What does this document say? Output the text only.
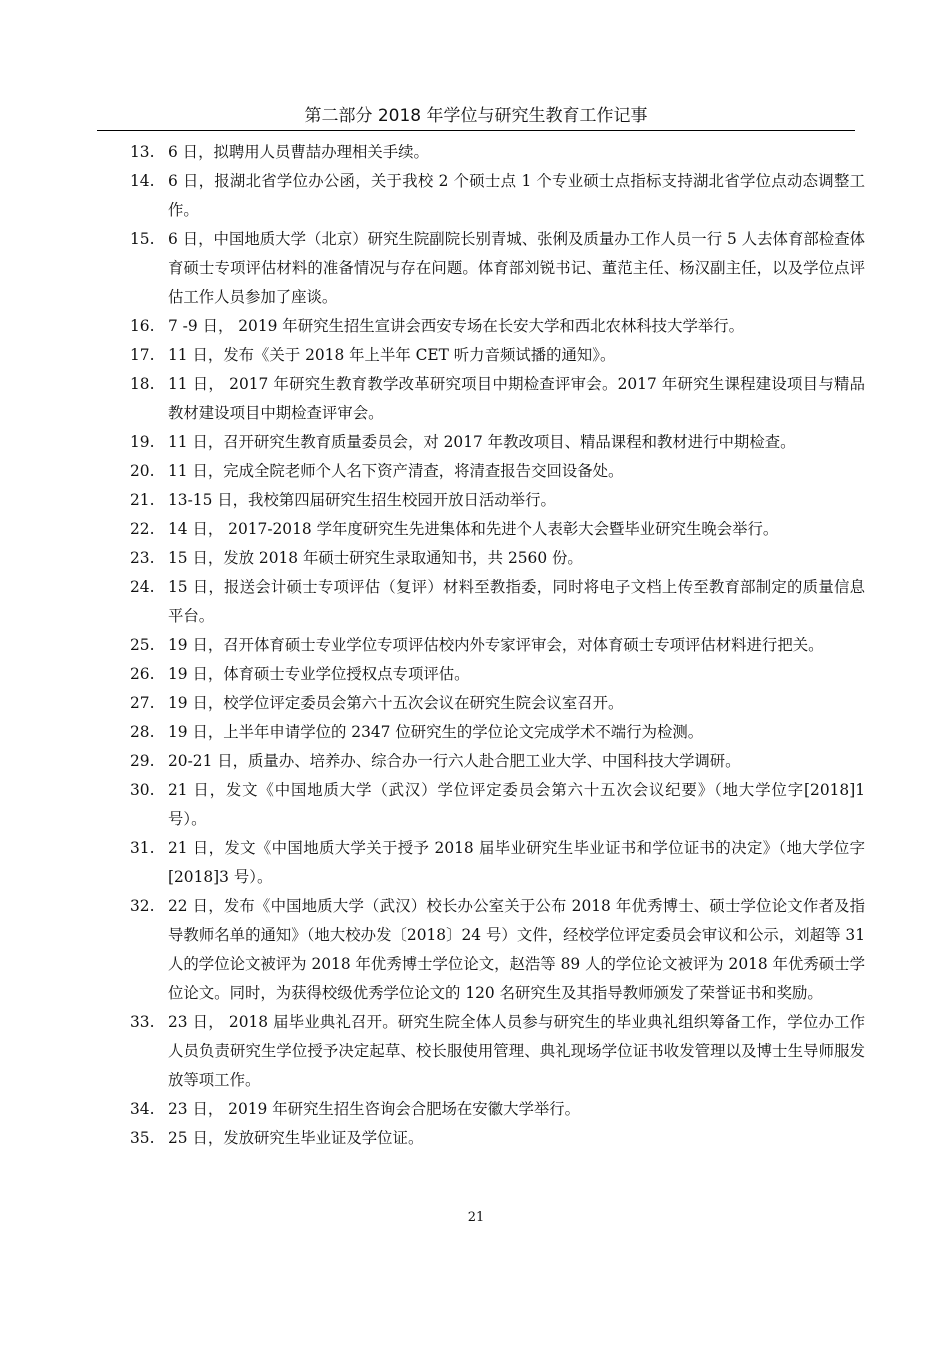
第二部分 2018 年学位与研究生教育工作记事
13. 6 日，拟聘用人员曹喆办理相关手续。
14. 6 日，报湖北省学位办公函，关于我校 2 个硕士点 1 个专业硕士点指标支持湖北省学位点动态调整工作。
15. 6 日，中国地质大学（北京）研究生院副院长别青城、张俐及质量办工作人员一行 5 人去体育部检查体育硕士专项评估材料的准备情况与存在问题。体育部刘锐书记、董范主任、杨汉副主任，以及学位点评估工作人员参加了座谈。
16. 7 -9 日， 2019 年研究生招生宣讲会西安专场在长安大学和西北农林科技大学举行。
17. 11 日，发布《关于 2018 年上半年 CET 听力音频试播的通知》。
18. 11 日， 2017 年研究生教育教学改革研究项目中期检查评审会。2017 年研究生课程建设项目与精品教材建设项目中期检查评审会。
19. 11 日，召开研究生教育质量委员会，对 2017 年教改项目、精品课程和教材进行中期检查。
20. 11 日，完成全院老师个人名下资产清查，将清查报告交回设备处。
21. 13-15 日，我校第四届研究生招生校园开放日活动举行。
22. 14 日， 2017-2018 学年度研究生先进集体和先进个人表彰大会暨毕业研究生晚会举行。
23. 15 日，发放 2018 年硕士研究生录取通知书，共 2560 份。
24. 15 日，报送会计硕士专项评估（复评）材料至教指委，同时将电子文档上传至教育部制定的质量信息平台。
25. 19 日，召开体育硕士专业学位专项评估校内外专家评审会，对体育硕士专项评估材料进行把关。
26. 19 日，体育硕士专业学位授权点专项评估。
27. 19 日，校学位评定委员会第六十五次会议在研究生院会议室召开。
28. 19 日，上半年申请学位的 2347 位研究生的学位论文完成学术不端行为检测。
29. 20-21 日，质量办、培养办、综合办一行六人赴合肥工业大学、中国科技大学调研。
30. 21 日，发文《中国地质大学（武汉）学位评定委员会第六十五次会议纪要》（地大学位字[2018]1 号）。
31. 21 日，发文《中国地质大学关于授予 2018 届毕业研究生毕业证书和学位证书的决定》（地大学位字[2018]3 号）。
32. 22 日，发布《中国地质大学（武汉）校长办公室关于公布 2018 年优秀博士、硕士学位论文作者及指导教师名单的通知》（地大校办发〔2018〕24 号）文件，经校学位评定委员会审议和公示，刘超等 31 人的学位论文被评为 2018 年优秀博士学位论文，赵浩等 89 人的学位论文被评为 2018 年优秀硕士学位论文。同时，为获得校级优秀学位论文的 120 名研究生及其指导教师颁发了荣誉证书和奖励。
33. 23 日， 2018 届毕业典礼召开。研究生院全体人员参与研究生的毕业典礼组织筹备工作，学位办工作人员负责研究生学位授予决定起草、校长服使用管理、典礼现场学位证书收发管理以及博士生导师服发放等项工作。
34. 23 日， 2019 年研究生招生咨询会合肥场在安徽大学举行。
35. 25 日，发放研究生毕业证及学位证。
21
